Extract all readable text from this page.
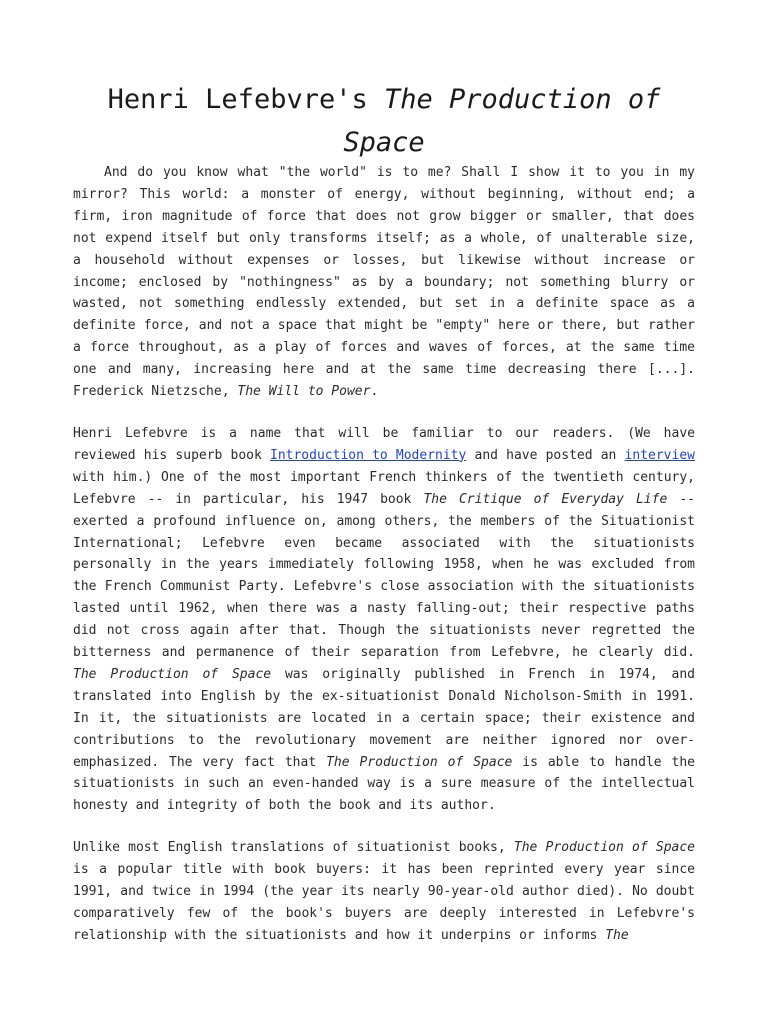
Henri Lefebvre's The Production of Space

And do you know what "the world" is to me? Shall I show it to you in my mirror? This world: a monster of energy, without beginning, without end; a firm, iron magnitude of force that does not grow bigger or smaller, that does not expend itself but only transforms itself; as a whole, of unalterable size, a household without expenses or losses, but likewise without increase or income; enclosed by "nothingness" as by a boundary; not something blurry or wasted, not something endlessly extended, but set in a definite space as a definite force, and not a space that might be "empty" here or there, but rather a force throughout, as a play of forces and waves of forces, at the same time one and many, increasing here and at the same time decreasing there [...]. Frederick Nietzsche, The Will to Power.

Henri Lefebvre is a name that will be familiar to our readers. (We have reviewed his superb book Introduction to Modernity and have posted an interview with him.) One of the most important French thinkers of the twentieth century, Lefebvre -- in particular, his 1947 book The Critique of Everyday Life -- exerted a profound influence on, among others, the members of the Situationist International; Lefebvre even became associated with the situationists personally in the years immediately following 1958, when he was excluded from the French Communist Party. Lefebvre's close association with the situationists lasted until 1962, when there was a nasty falling-out; their respective paths did not cross again after that. Though the situationists never regretted the bitterness and permanence of their separation from Lefebvre, he clearly did. The Production of Space was originally published in French in 1974, and translated into English by the ex-situationist Donald Nicholson-Smith in 1991. In it, the situationists are located in a certain space; their existence and contributions to the revolutionary movement are neither ignored nor over-emphasized. The very fact that The Production of Space is able to handle the situationists in such an even-handed way is a sure measure of the intellectual honesty and integrity of both the book and its author.

Unlike most English translations of situationist books, The Production of Space is a popular title with book buyers: it has been reprinted every year since 1991, and twice in 1994 (the year its nearly 90-year-old author died). No doubt comparatively few of the book's buyers are deeply interested in Lefebvre's relationship with the situationists and how it underpins or informs The
